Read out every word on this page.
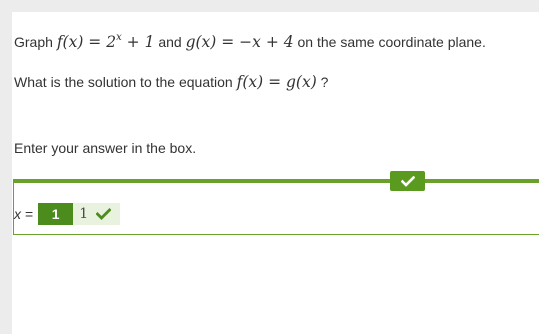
Graph $f(x) = 2^x + 1$ and g(x) = −x + 4 on the same coordinate plane.
What is the solution to the equation f(x) = g(x) ?
Enter your answer in the box.
x =	1	1
